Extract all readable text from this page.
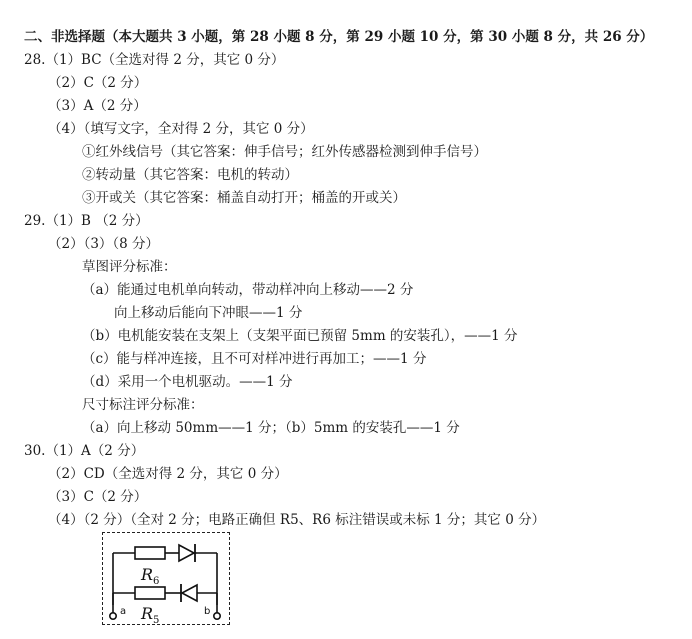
二、非选择题（本大题共 3 小题，第 28 小题 8 分，第 29 小题 10 分，第 30 小题 8 分，共 26 分）
28.（1）BC（全选对得 2 分，其它 0 分）
（2）C（2 分）
（3）A（2 分）
（4）（填写文字，全对得 2 分，其它 0 分）
①红外线信号（其它答案：伸手信号；红外传感器检测到伸手信号）
②转动量（其它答案：电机的转动）
③开或关（其它答案：桶盖自动打开；桶盖的开或关）
29.（1）B （2 分）
（2）（3）（8 分）
草图评分标准：
（a）能通过电机单向转动，带动样冲向上移动——2 分
向上移动后能向下冲眼——1 分
（b）电机能安装在支架上（支架平面已预留 5mm 的安装孔），——1 分
（c）能与样冲连接，且不可对样冲进行再加工；——1 分
（d）采用一个电机驱动。——1 分
尺寸标注评分标准：
（a）向上移动 50mm——1 分；（b）5mm 的安装孔——1 分
30.（1）A（2 分）
（2）CD（全选对得 2 分，其它 0 分）
（3）C（2 分）
（4）（2 分）（全对 2 分；电路正确但 R5、R6 标注错误或未标 1 分；其它 0 分）
$R_6$
$R_5$
a	b
